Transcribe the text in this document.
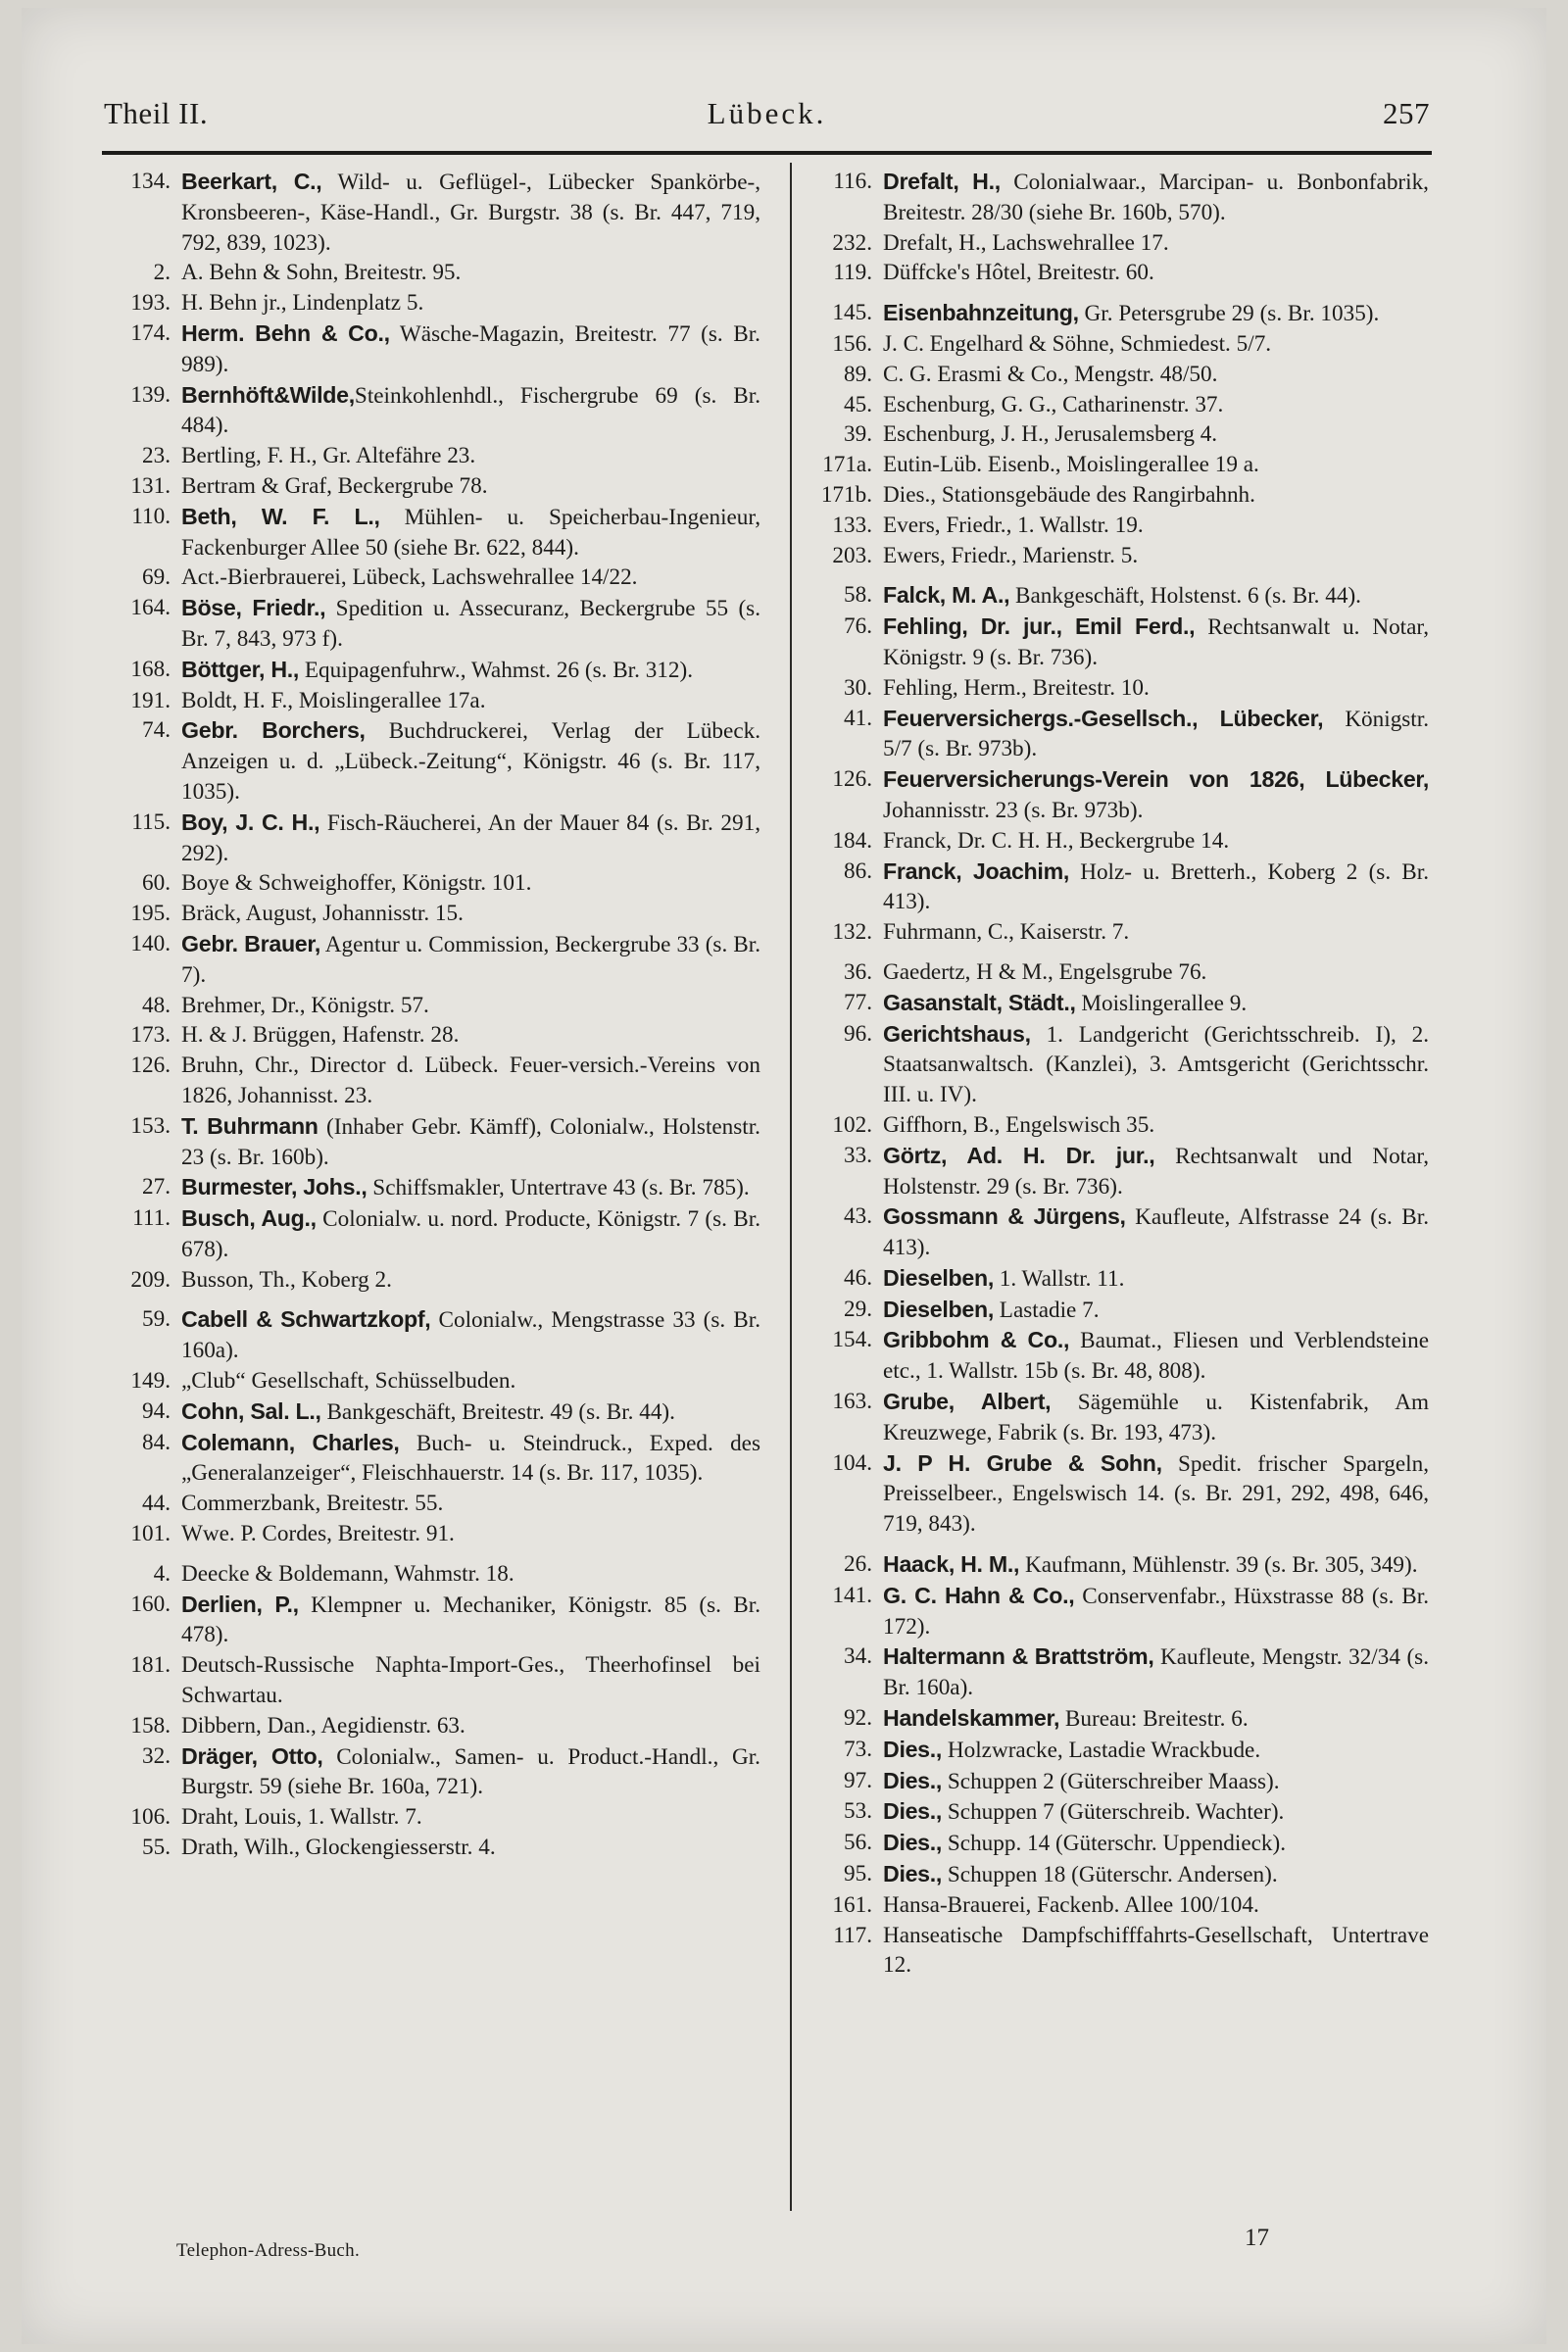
Lübeck.
Theil II.	257
134. Beerkart, C., Wild- u. Geflügel-, Lübecker Spankörbe-, Kronsbeeren-, Käse-Handl., Gr. Burgstr. 38 (s. Br. 447, 719, 792, 839, 1023).
2. A. Behn & Sohn, Breitestr. 95.
193. H. Behn jr., Lindenplatz 5.
174. Herm. Behn & Co., Wäsche-Magazin, Breitestr. 77 (s. Br. 989).
139. Bernhöft&Wilde,Steinkohlenhdl., Fischergrube 69 (s. Br. 484).
23. Bertling, F. H., Gr. Altefähre 23.
131. Bertram & Graf, Beckergrube 78.
110. Beth, W. F. L., Mühlen- u. Speicherbau-Ingenieur, Fackenburger Allee 50 (siehe Br. 622, 844).
69. Act.-Bierbrauerei, Lübeck, Lachswehrallee 14/22.
164. Böse, Friedr., Spedition u. Assecuranz, Beckergrube 55 (s. Br. 7, 843, 973 f).
168. Böttger, H., Equipagenfuhrw., Wahmst. 26 (s. Br. 312).
191. Boldt, H. F., Moislingerallee 17a.
74. Gebr. Borchers, Buchdruckerei, Verlag der Lübeck. Anzeigen u. d. „Lübeck.-Zeitung“, Königstr. 46 (s. Br. 117, 1035).
115. Boy, J. C. H., Fisch-Räucherei, An der Mauer 84 (s. Br. 291, 292).
60. Boye & Schweighoffer, Königstr. 101.
195. Bräck, August, Johannisstr. 15.
140. Gebr. Brauer, Agentur u. Commission, Beckergrube 33 (s. Br. 7).
48. Brehmer, Dr., Königstr. 57.
173. H. & J. Brüggen, Hafenstr. 28.
126. Bruhn, Chr., Director d. Lübeck. Feuer-versich.-Vereins von 1826, Johannisst. 23.
153. T. Buhrmann (Inhaber Gebr. Kämff), Colonialw., Holstenstr. 23 (s. Br. 160b).
27. Burmester, Johs., Schiffsmakler, Untertrave 43 (s. Br. 785).
111. Busch, Aug., Colonialw. u. nord. Producte, Königstr. 7 (s. Br. 678).
209. Busson, Th., Koberg 2.
59. Cabell & Schwartzkopf, Colonialw., Mengstrasse 33 (s. Br. 160a).
149. „Club“ Gesellschaft, Schüsselbuden.
94. Cohn, Sal. L., Bankgeschäft, Breitestr. 49 (s. Br. 44).
84. Colemann, Charles, Buch- u. Steindruck., Exped. des „Generalanzeiger“, Fleischhauerstr. 14 (s. Br. 117, 1035).
44. Commerzbank, Breitestr. 55.
101. Wwe. P. Cordes, Breitestr. 91.
4. Deecke & Boldemann, Wahmstr. 18.
160. Derlien, P., Klempner u. Mechaniker, Königstr. 85 (s. Br. 478).
181. Deutsch-Russische Naphta-Import-Ges., Theerhofinsel bei Schwartau.
158. Dibbern, Dan., Aegidienstr. 63.
32. Dräger, Otto, Colonialw., Samen- u. Product.-Handl., Gr. Burgstr. 59 (siehe Br. 160a, 721).
106. Draht, Louis, 1. Wallstr. 7.
55. Drath, Wilh., Glockengiesserstr. 4.
116. Drefalt, H., Colonialwaar., Marcipan- u. Bonbonfabrik, Breitestr. 28/30 (siehe Br. 160b, 570).
232. Drefalt, H., Lachswehrallee 17.
119. Düffcke's Hôtel, Breitestr. 60.
145. Eisenbahnzeitung, Gr. Petersgrube 29 (s. Br. 1035).
156. J. C. Engelhard & Söhne, Schmiedest. 5/7.
89. C. G. Erasmi & Co., Mengstr. 48/50.
45. Eschenburg, G. G., Catharinenstr. 37.
39. Eschenburg, J. H., Jerusalemsberg 4.
171a. Eutin-Lüb. Eisenb., Moislingerallee 19 a.
171b. Dies., Stationsgebäude des Rangirbahnh.
133. Evers, Friedr., 1. Wallstr. 19.
203. Ewers, Friedr., Marienstr. 5.
58. Falck, M. A., Bankgeschäft, Holstenst. 6 (s. Br. 44).
76. Fehling, Dr. jur., Emil Ferd., Rechtsanwalt u. Notar, Königstr. 9 (s. Br. 736).
30. Fehling, Herm., Breitestr. 10.
41. Feuerversichergs.-Gesellsch., Lübecker, Königstr. 5/7 (s. Br. 973b).
126. Feuerversicherungs-Verein von 1826, Lübecker, Johannisstr. 23 (s. Br. 973b).
184. Franck, Dr. C. H. H., Beckergrube 14.
86. Franck, Joachim, Holz- u. Bretterh., Koberg 2 (s. Br. 413).
132. Fuhrmann, C., Kaiserstr. 7.
36. Gaedertz, H & M., Engelsgrube 76.
77. Gasanstalt, Städt., Moislingerallee 9.
96. Gerichtshaus, 1. Landgericht (Gerichtsschreib. I), 2. Staatsanwaltsch. (Kanzlei), 3. Amtsgericht (Gerichtsschr. III. u. IV).
102. Giffhorn, B., Engelswisch 35.
33. Görtz, Ad. H. Dr. jur., Rechtsanwalt und Notar, Holstenstr. 29 (s. Br. 736).
43. Gossmann & Jürgens, Kaufleute, Alfstrasse 24 (s. Br. 413).
46. Dieselben, 1. Wallstr. 11.
29. Dieselben, Lastadie 7.
154. Gribbohm & Co., Baumat., Fliesen und Verblendsteine etc., 1. Wallstr. 15b (s. Br. 48, 808).
163. Grube, Albert, Sägemühle u. Kistenfabrik, Am Kreuzwege, Fabrik (s. Br. 193, 473).
104. J. P H. Grube & Sohn, Spedit. frischer Spargeln, Preisselbeer., Engelswisch 14. (s. Br. 291, 292, 498, 646, 719, 843).
26. Haack, H. M., Kaufmann, Mühlenstr. 39 (s. Br. 305, 349).
141. G. C. Hahn & Co., Conservenfabr., Hüxstrasse 88 (s. Br. 172).
34. Haltermann & Brattström, Kaufleute, Mengstr. 32/34 (s. Br. 160a).
92. Handelskammer, Bureau: Breitestr. 6.
73. Dies., Holzwracke, Lastadie Wrackbude.
97. Dies., Schuppen 2 (Güterschreiber Maass).
53. Dies., Schuppen 7 (Güterschreib. Wachter).
56. Dies., Schupp. 14 (Güterschr. Uppendieck).
95. Dies., Schuppen 18 (Güterschr. Andersen).
161. Hansa-Brauerei, Fackenb. Allee 100/104.
117. Hanseatische Dampfschifffahrts-Gesellschaft, Untertrave 12.
Telephon-Adress-Buch.	17
